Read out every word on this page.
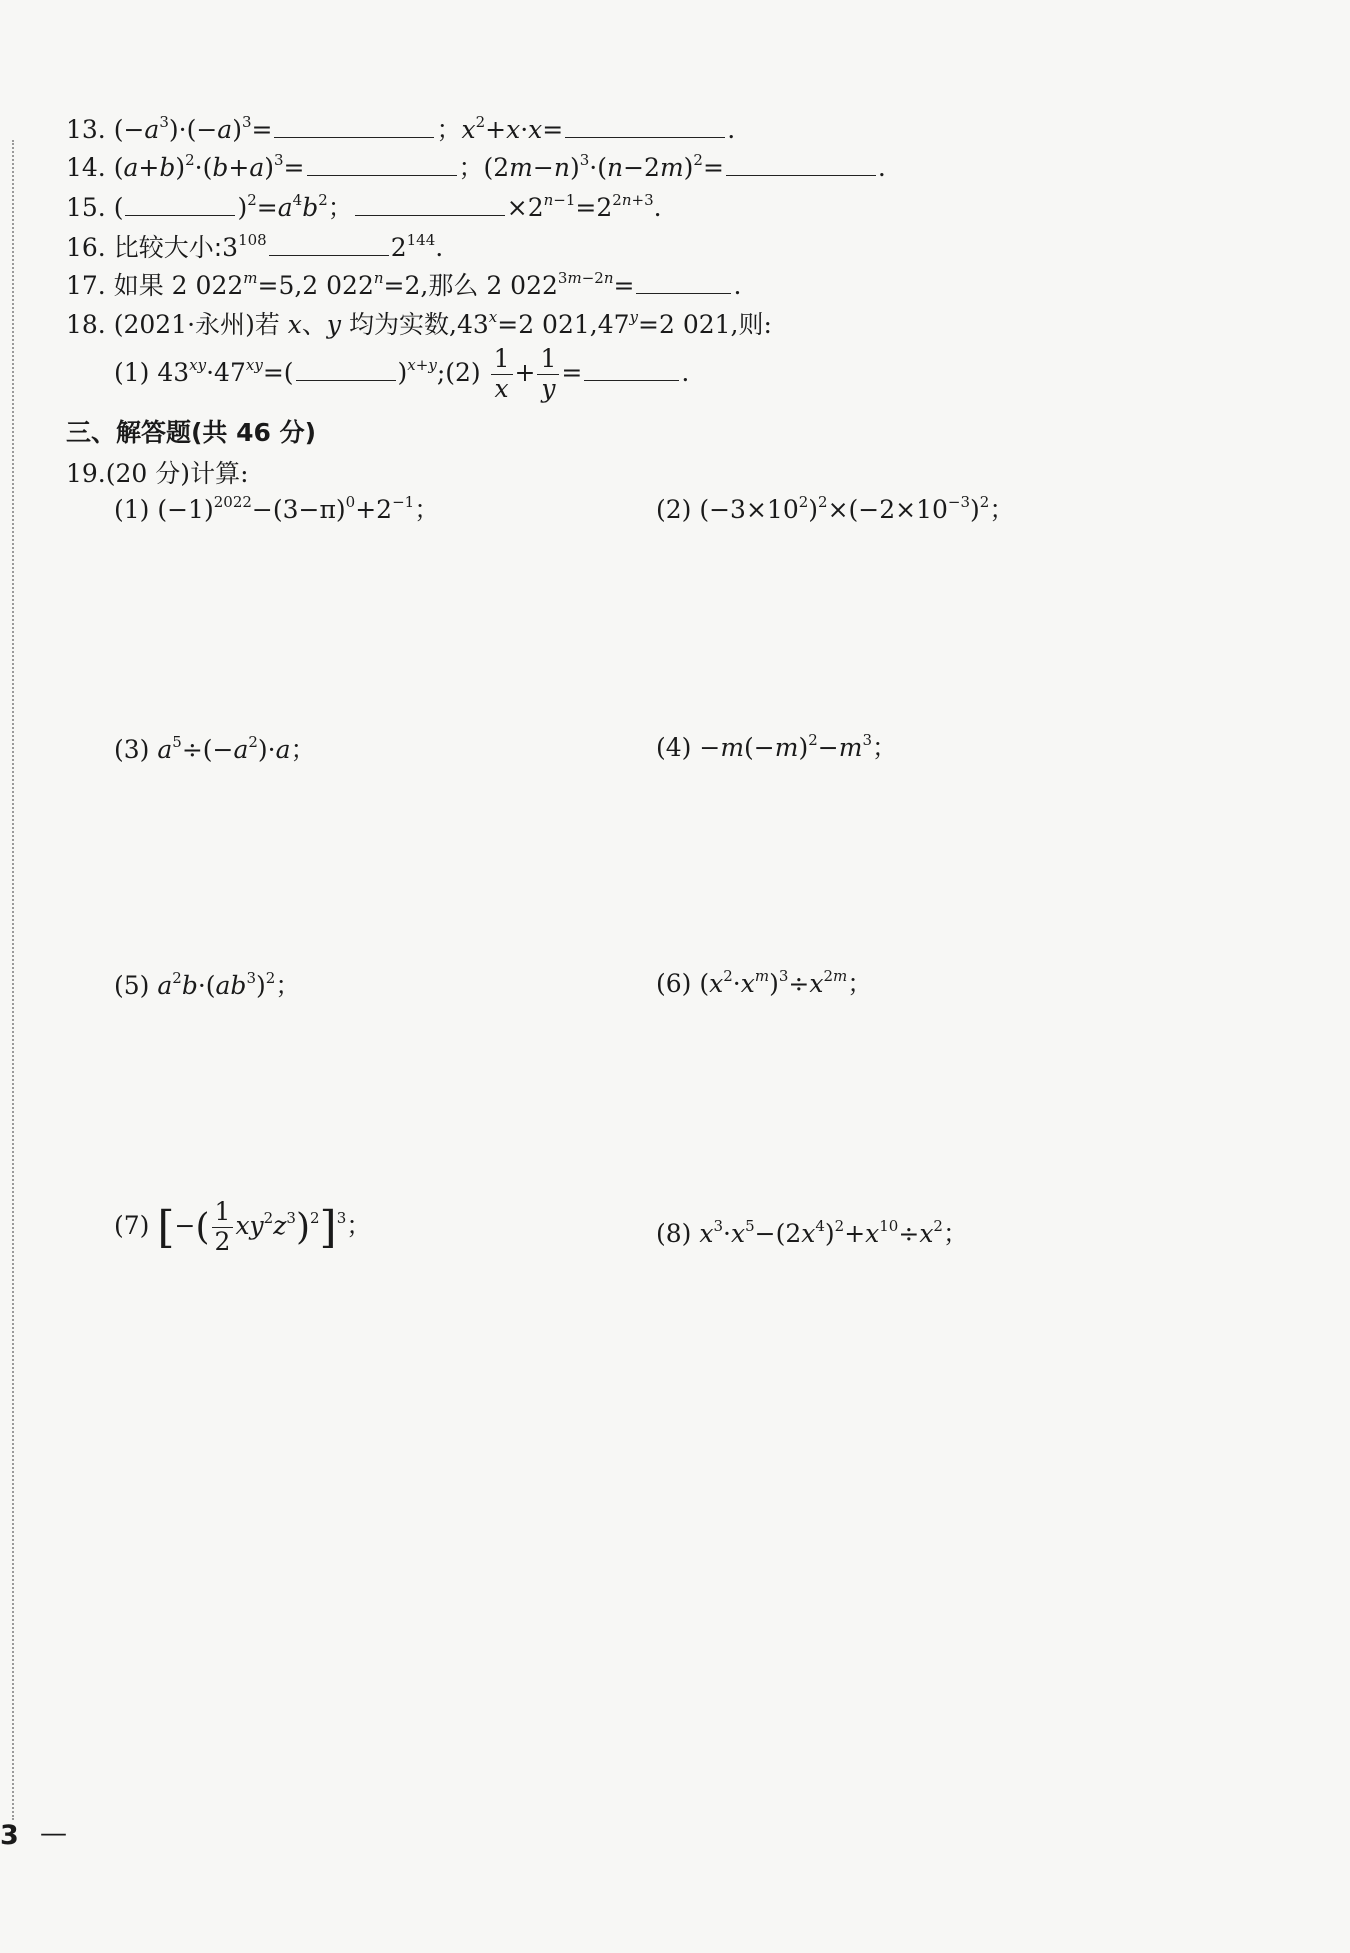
13. $(-a^3)\cdot(-a)^3=$	；$x^2+x\cdot x=$	.
14. $(a+b)^2\cdot(b+a)^3=$	；$(2m-n)^3\cdot(n-2m)^2=$	.
15. (	)$^2=a^4b^2$；	$\times 2^{n-1}=2^{2n+3}$.
16. 比较大小$:3^{108}$	$2^{144}$.
17. 如果 2 $022^m=5,2$ $022^n=2$,那么 2 $022^{3m-2n}=$	.
18. (2021·永州)若 x、y 均为实数$,43^x=2$ $021,47^y=2$ 021,则:
(1) $43^{xy}\cdot 47^{xy}=$(	)$^{x+y}$;(2) $\frac{1}{x} + \frac{1}{y}$ =	.
三、解答题(共 46 分)
19.(20 分)计算:
(1) $(-1)^{2022}-(3-\pi)^0+2^{-1}$；	(2) $(-3\times 10^2)^2\times(-2\times 10^{-3})^2$；
(3) $a^5\div(-a^2)\cdot a$；	$(4) -m(-m)^2-m^3$；
(5) $a^2b\cdot(ab^3)^2$；	(6) $(x^2\cdot x^m)^3\div x^{2m}$；
(7) [−( $\frac{1}{2} xy^2z^3)^2]^3$；	(8) $x^3\cdot x^5-(2x^4)^2+x^{10}\div x^2$；
3 —
